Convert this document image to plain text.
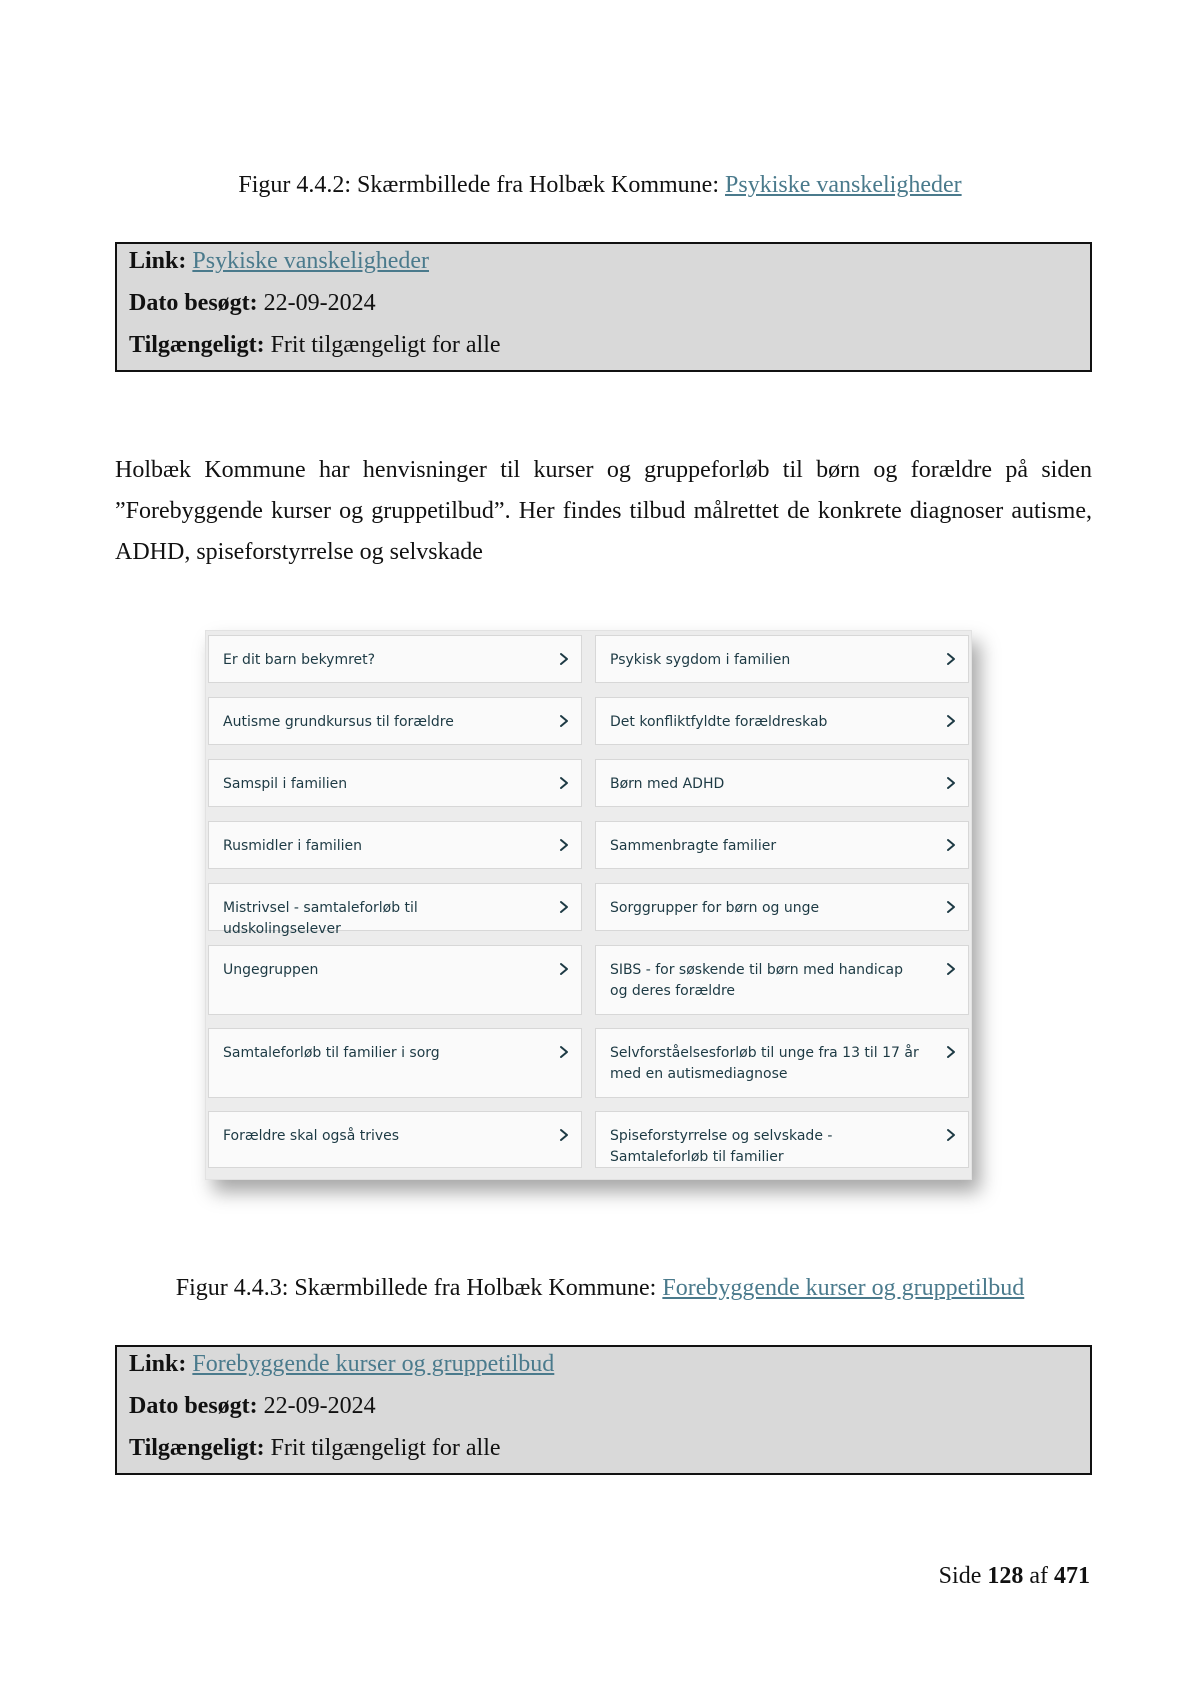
Figur 4.4.2: Skærmbillede fra Holbæk Kommune: Psykiske vanskeligheder
Link: Psykiske vanskeligheder
Dato besøgt: 22-09-2024
Tilgængeligt: Frit tilgængeligt for alle
Holbæk Kommune har henvisninger til kurser og gruppeforløb til børn og forældre på siden ”Forebyggende kurser og gruppetilbud”. Her findes tilbud målrettet de konkrete diagnoser autisme, ADHD, spiseforstyrrelse og selvskade
Er dit barn bekymret?
Autisme grundkursus til forældre
Samspil i familien
Rusmidler i familien
Mistrivsel - samtaleforløb til udskolingselever
Ungegruppen
Samtaleforløb til familier i sorg
Forældre skal også trives
Psykisk sygdom i familien
Det konfliktfyldte forældreskab
Børn med ADHD
Sammenbragte familier
Sorggrupper for børn og unge
SIBS - for søskende til børn med handicap og deres forældre
Selvforståelsesforløb til unge fra 13 til 17 år med en autismediagnose
Spiseforstyrrelse og selvskade - Samtaleforløb til familier
Figur 4.4.3: Skærmbillede fra Holbæk Kommune: Forebyggende kurser og gruppetilbud
Link: Forebyggende kurser og gruppetilbud
Dato besøgt: 22-09-2024
Tilgængeligt: Frit tilgængeligt for alle
Side 128 af 471
